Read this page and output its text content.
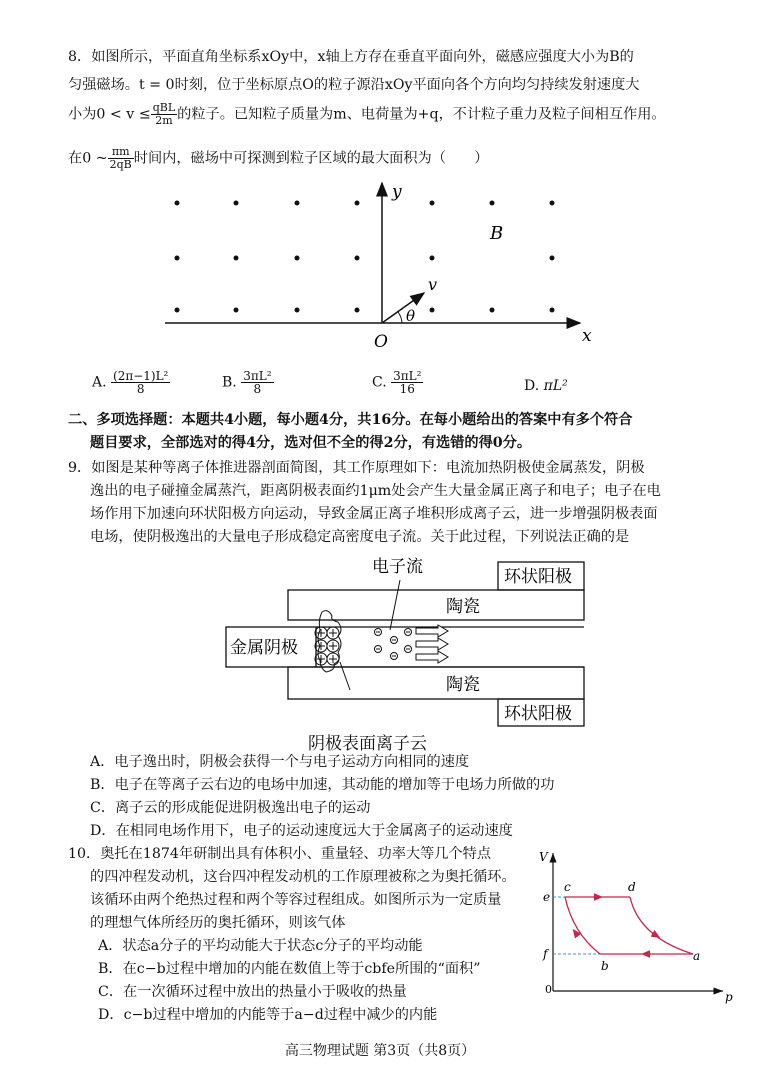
8．如图所示，平面直角坐标系xOy中，x轴上方存在垂直平面向外，磁感应强度大小为B的
匀强磁场。t = 0时刻，位于坐标原点O的粒子源沿xOy平面向各个方向均匀持续发射速度大
小为$0 < v \le \frac{\text{qBL}}{2m}$ 的粒子。已知粒子质量为m、电荷量为+q，不计粒子重力及粒子间相互作用。
在0 ~ $\frac{\pi m}{2qB}$ 时间内，磁场中可探测到粒子区域的最大面积为（　　）
y
x
O
B
v
θ
A. $\frac{\text{(2π−1)L²}}{8}$	B. $\frac{\text{3πL²}}{8}$	C. $\frac{\text{3πL²}}{16}$	D. πL²
二、多项选择题：本题共4小题，每小题4分，共16分。在每小题给出的答案中有多个符合
题目要求，全部选对的得4分，选对但不全的得2分，有选错的得0分。
9．如图是某种等离子体推进器剖面简图，其工作原理如下：电流加热阴极使金属蒸发，阴极
逸出的电子碰撞金属蒸汽，距离阴极表面约1μm处会产生大量金属正离子和电子；电子在电
场作用下加速向环状阳极方向运动，导致金属正离子堆积形成离子云，进一步增强阴极表面
电场，使阴极逸出的大量电子形成稳定高密度电子流。关于此过程，下列说法正确的是
电子流	环状阳极
陶瓷
金属阴极
陶瓷
环状阳极
阴极表面离子云
A．电子逸出时，阴极会获得一个与电子运动方向相同的速度
B．电子在等离子云右边的电场中加速，其动能的增加等于电场力所做的功
C．离子云的形成能促进阴极逸出电子的运动
D．在相同电场作用下，电子的运动速度远大于金属离子的运动速度
10．奥托在1874年研制出具有体积小、重量轻、功率大等几个特点
的四冲程发动机，这台四冲程发动机的工作原理被称之为奥托循环。
该循环由两个绝热过程和两个等容过程组成。如图所示为一定质量
的理想气体所经历的奥托循环，则该气体
A．状态a分子的平均动能大于状态c分子的平均动能
B．在c−b过程中增加的内能在数值上等于cbfe所围的“面积”
C．在一次循环过程中放出的热量小于吸收的热量
D．c−b过程中增加的内能等于a−d过程中减少的内能
V
p
0
e
f
c	d
a
b
高三物理试题 第3页（共8页）
